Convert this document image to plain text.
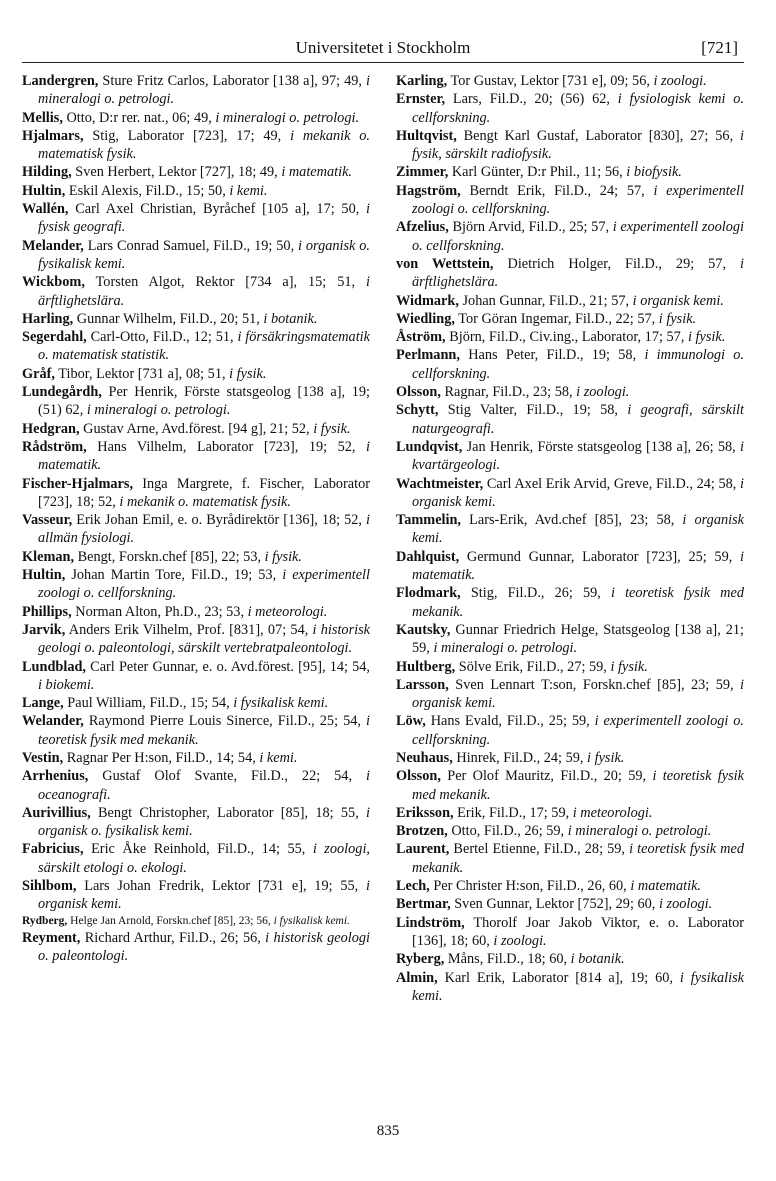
Universitetet i Stockholm	[721]

Landergren, Sture Fritz Carlos, Laborator [138 a], 97; 49, i mineralogi o. petrologi.

Mellis, Otto, D:r rer. nat., 06; 49, i mineralogi o. petrologi.

Hjalmars, Stig, Laborator [723], 17; 49, i mekanik o. matematisk fysik.

Hilding, Sven Herbert, Lektor [727], 18; 49, i matematik.

Hultin, Eskil Alexis, Fil.D., 15; 50, i kemi.

Wallén, Carl Axel Christian, Byråchef [105 a], 17; 50, i fysisk geografi.

Melander, Lars Conrad Samuel, Fil.D., 19; 50, i organisk o. fysikalisk kemi.

Wickbom, Torsten Algot, Rektor [734 a], 15; 51, i ärftlighetslära.

Harling, Gunnar Wilhelm, Fil.D., 20; 51, i botanik.

Segerdahl, Carl-Otto, Fil.D., 12; 51, i försäkringsmatematik o. matematisk statistik.

Gråf, Tibor, Lektor [731 a], 08; 51, i fysik.

Lundegårdh, Per Henrik, Förste statsgeolog [138 a], 19; (51) 62, i mineralogi o. petrologi.

Hedgran, Gustav Arne, Avd.förest. [94 g], 21; 52, i fysik.

Rådström, Hans Vilhelm, Laborator [723], 19; 52, i matematik.

Fischer-Hjalmars, Inga Margrete, f. Fischer, Laborator [723], 18; 52, i mekanik o. matematisk fysik.

Vasseur, Erik Johan Emil, e. o. Byrådirektör [136], 18; 52, i allmän fysiologi.

Kleman, Bengt, Forskn.chef [85], 22; 53, i fysik.

Hultin, Johan Martin Tore, Fil.D., 19; 53, i experimentell zoologi o. cellforskning.

Phillips, Norman Alton, Ph.D., 23; 53, i meteorologi.

Jarvik, Anders Erik Vilhelm, Prof. [831], 07; 54, i historisk geologi o. paleontologi, särskilt vertebratpaleontologi.

Lundblad, Carl Peter Gunnar, e. o. Avd.förest. [95], 14; 54, i biokemi.

Lange, Paul William, Fil.D., 15; 54, i fysikalisk kemi.

Welander, Raymond Pierre Louis Sinerce, Fil.D., 25; 54, i teoretisk fysik med mekanik.

Vestin, Ragnar Per H:son, Fil.D., 14; 54, i kemi.

Arrhenius, Gustaf Olof Svante, Fil.D., 22; 54, i oceanografi.

Aurivillius, Bengt Christopher, Laborator [85], 18; 55, i organisk o. fysikalisk kemi.

Fabricius, Eric Åke Reinhold, Fil.D., 14; 55, i zoologi, särskilt etologi o. ekologi.

Sihlbom, Lars Johan Fredrik, Lektor [731 e], 19; 55, i organisk kemi.

Rydberg, Helge Jan Arnold, Forskn.chef [85], 23; 56, i fysikalisk kemi.

Reyment, Richard Arthur, Fil.D., 26; 56, i historisk geologi o. paleontologi.

Karling, Tor Gustav, Lektor [731 e], 09; 56, i zoologi.

Ernster, Lars, Fil.D., 20; (56) 62, i fysiologisk kemi o. cellforskning.

Hultqvist, Bengt Karl Gustaf, Laborator [830], 27; 56, i fysik, särskilt radiofysik.

Zimmer, Karl Günter, D:r Phil., 11; 56, i biofysik.

Hagström, Berndt Erik, Fil.D., 24; 57, i experimentell zoologi o. cellforskning.

Afzelius, Björn Arvid, Fil.D., 25; 57, i experimentell zoologi o. cellforskning.

von Wettstein, Dietrich Holger, Fil.D., 29; 57, i ärftlighetslära.

Widmark, Johan Gunnar, Fil.D., 21; 57, i organisk kemi.

Wiedling, Tor Göran Ingemar, Fil.D., 22; 57, i fysik.

Åström, Björn, Fil.D., Civ.ing., Laborator, 17; 57, i fysik.

Perlmann, Hans Peter, Fil.D., 19; 58, i immunologi o. cellforskning.

Olsson, Ragnar, Fil.D., 23; 58, i zoologi.

Schytt, Stig Valter, Fil.D., 19; 58, i geografi, särskilt naturgeografi.

Lundqvist, Jan Henrik, Förste statsgeolog [138 a], 26; 58, i kvartärgeologi.

Wachtmeister, Carl Axel Erik Arvid, Greve, Fil.D., 24; 58, i organisk kemi.

Tammelin, Lars-Erik, Avd.chef [85], 23; 58, i organisk kemi.

Dahlquist, Germund Gunnar, Laborator [723], 25; 59, i matematik.

Flodmark, Stig, Fil.D., 26; 59, i teoretisk fysik med mekanik.

Kautsky, Gunnar Friedrich Helge, Statsgeolog [138 a], 21; 59, i mineralogi o. petrologi.

Hultberg, Sölve Erik, Fil.D., 27; 59, i fysik.

Larsson, Sven Lennart T:son, Forskn.chef [85], 23; 59, i organisk kemi.

Löw, Hans Evald, Fil.D., 25; 59, i experimentell zoologi o. cellforskning.

Neuhaus, Hinrek, Fil.D., 24; 59, i fysik.

Olsson, Per Olof Mauritz, Fil.D., 20; 59, i teoretisk fysik med mekanik.

Eriksson, Erik, Fil.D., 17; 59, i meteorologi.

Brotzen, Otto, Fil.D., 26; 59, i mineralogi o. petrologi.

Laurent, Bertel Etienne, Fil.D., 28; 59, i teoretisk fysik med mekanik.

Lech, Per Christer H:son, Fil.D., 26, 60, i matematik.

Bertmar, Sven Gunnar, Lektor [752], 29; 60, i zoologi.

Lindström, Thorolf Joar Jakob Viktor, e. o. Laborator [136], 18; 60, i zoologi.

Ryberg, Måns, Fil.D., 18; 60, i botanik.

Almin, Karl Erik, Laborator [814 a], 19; 60, i fysikalisk kemi.

835
